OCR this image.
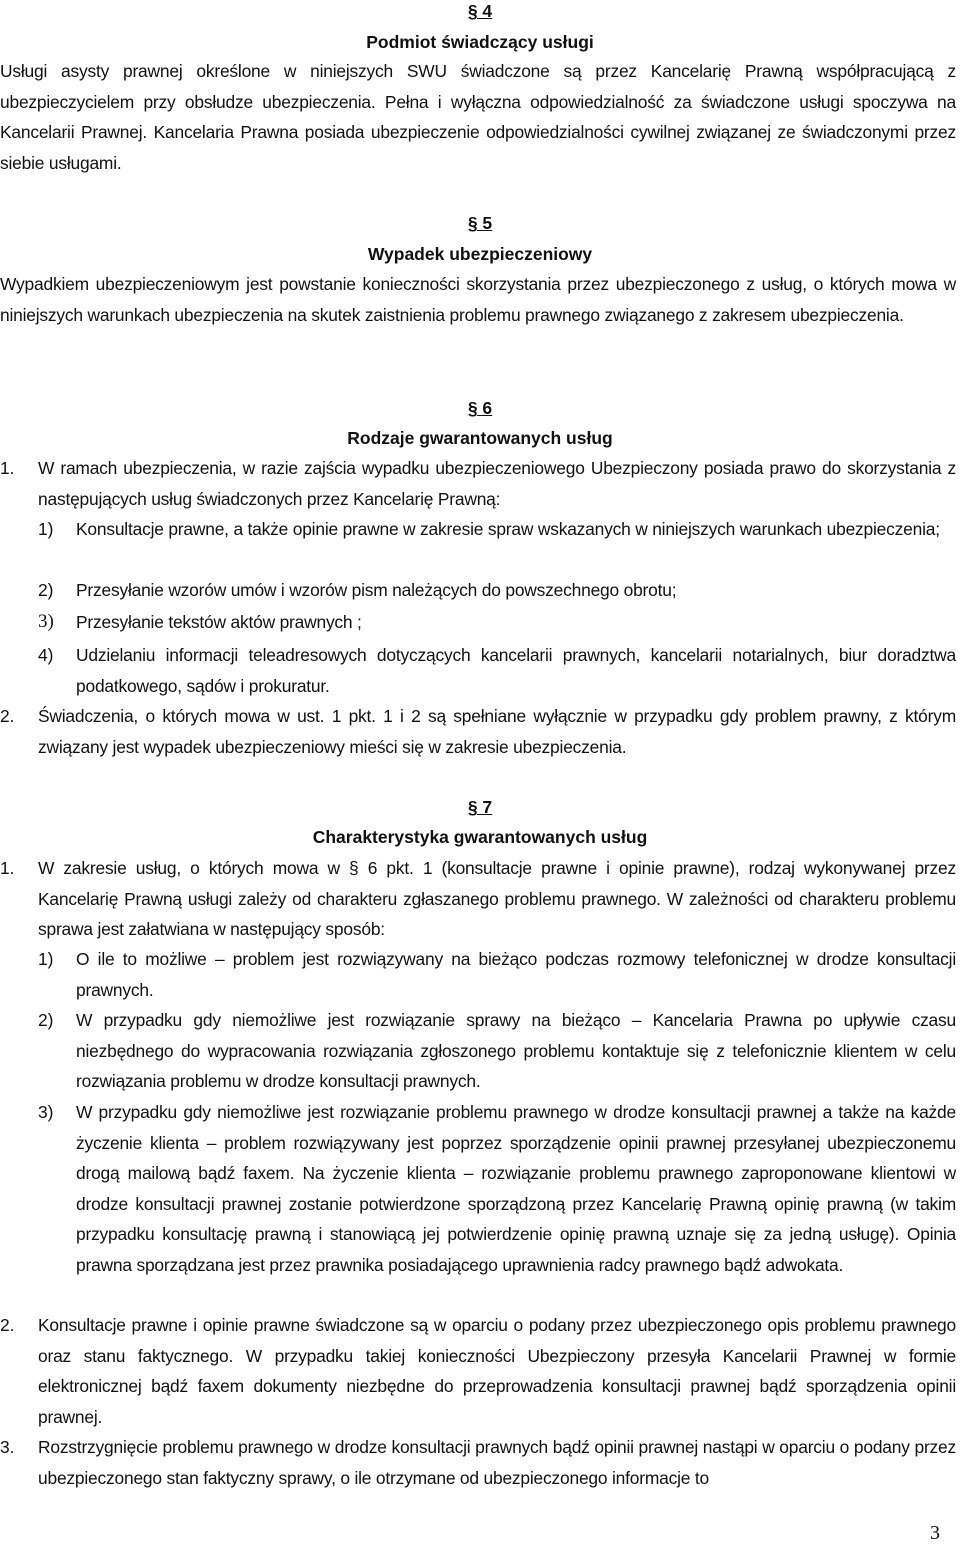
§ 4
Podmiot świadczący usługi
Usługi asysty prawnej określone w niniejszych SWU świadczone są przez Kancelarię Prawną współpracującą z ubezpieczycielem przy obsłudze ubezpieczenia. Pełna i wyłączna odpowiedzialność za świadczone usługi spoczywa na Kancelarii Prawnej. Kancelaria Prawna posiada ubezpieczenie odpowiedzialności cywilnej związanej ze świadczonymi przez siebie usługami.
§ 5
Wypadek ubezpieczeniowy
Wypadkiem ubezpieczeniowym jest powstanie konieczności skorzystania przez ubezpieczonego z usług, o których mowa w niniejszych warunkach ubezpieczenia na skutek zaistnienia problemu prawnego związanego z zakresem ubezpieczenia.
§ 6
Rodzaje gwarantowanych usług
1. W ramach ubezpieczenia, w razie zajścia wypadku ubezpieczeniowego Ubezpieczony posiada prawo do skorzystania z następujących usług świadczonych przez Kancelarię Prawną:
1) Konsultacje prawne, a także opinie prawne w zakresie spraw wskazanych w niniejszych warunkach ubezpieczenia;
2) Przesyłanie wzorów umów i wzorów pism należących do powszechnego obrotu;
3) Przesyłanie tekstów aktów prawnych ;
4) Udzielaniu informacji teleadresowych dotyczących kancelarii prawnych, kancelarii notarialnych, biur doradztwa podatkowego, sądów i prokuratur.
2. Świadczenia, o których mowa w ust. 1 pkt. 1 i 2 są spełniane wyłącznie w przypadku gdy problem prawny, z którym związany jest wypadek ubezpieczeniowy mieści się w zakresie ubezpieczenia.
§ 7
Charakterystyka gwarantowanych usług
1. W zakresie usług, o których mowa w § 6 pkt. 1 (konsultacje prawne i opinie prawne), rodzaj wykonywanej przez Kancelarię Prawną usługi zależy od charakteru zgłaszanego problemu prawnego. W zależności od charakteru problemu sprawa jest załatwiana w następujący sposób:
1) O ile to możliwe – problem jest rozwiązywany na bieżąco podczas rozmowy telefonicznej w drodze konsultacji prawnych.
2) W przypadku gdy niemożliwe jest rozwiązanie sprawy na bieżąco – Kancelaria Prawna po upływie czasu niezbędnego do wypracowania rozwiązania zgłoszonego problemu kontaktuje się z telefonicznie klientem w celu rozwiązania problemu w drodze konsultacji prawnych.
3) W przypadku gdy niemożliwe jest rozwiązanie problemu prawnego w drodze konsultacji prawnej a także na każde życzenie klienta – problem rozwiązywany jest poprzez sporządzenie opinii prawnej przesyłanej ubezpieczonemu drogą mailową bądź faxem. Na życzenie klienta – rozwiązanie problemu prawnego zaproponowane klientowi w drodze konsultacji prawnej zostanie potwierdzone sporządzoną przez Kancelarię Prawną opinię prawną (w takim przypadku konsultację prawną i stanowiącą jej potwierdzenie opinię prawną uznaje się za jedną usługę). Opinia prawna sporządzana jest przez prawnika posiadającego uprawnienia radcy prawnego bądź adwokata.
2. Konsultacje prawne i opinie prawne świadczone są w oparciu o podany przez ubezpieczonego opis problemu prawnego oraz stanu faktycznego. W przypadku takiej konieczności Ubezpieczony przesyła Kancelarii Prawnej w formie elektronicznej bądź faxem dokumenty niezbędne do przeprowadzenia konsultacji prawnej bądź sporządzenia opinii prawnej.
3. Rozstrzygnięcie problemu prawnego w drodze konsultacji prawnych bądź opinii prawnej nastąpi w oparciu o podany przez ubezpieczonego stan faktyczny sprawy, o ile otrzymane od ubezpieczonego informacje to
3
